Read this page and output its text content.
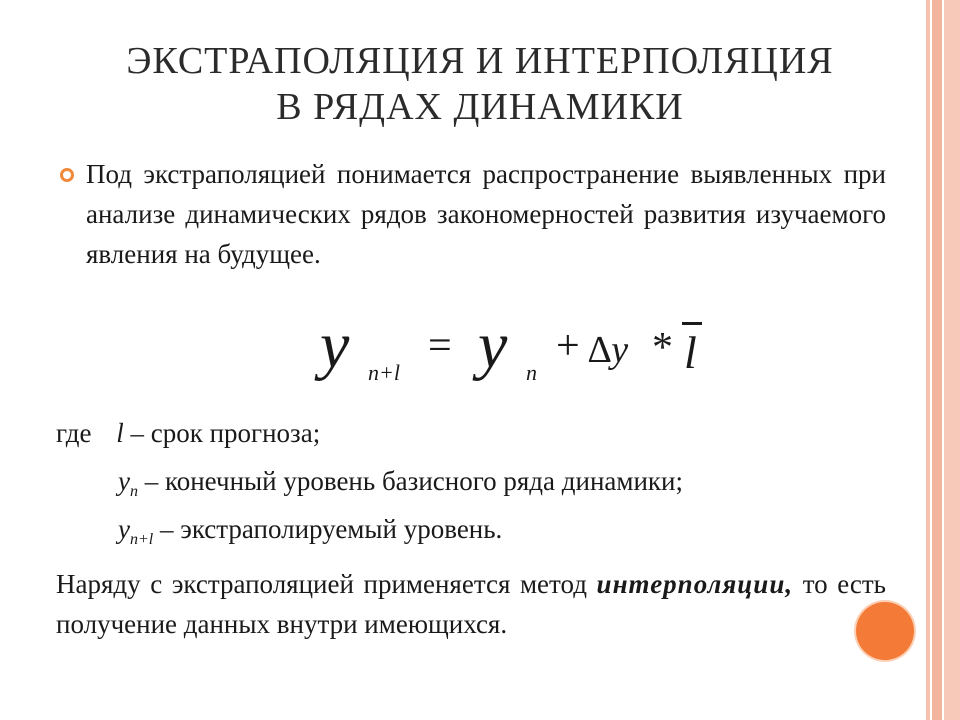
ЭКСТРАПОЛЯЦИЯ И ИНТЕРПОЛЯЦИЯ
В РЯДАХ ДИНАМИКИ
Под экстраполяцией понимается распространение выявленных при анализе динамических рядов закономерностей развития изучаемого явления на будущее.
y n+l
= y n
+ ∆y * l
где l – срок прогноза;
$y_n$ – конечный уровень базисного ряда динамики;
$y_{n+l}$ – экстраполируемый уровень.
Наряду с экстраполяцией применяется метод интерполяции, то есть получение данных внутри имеющихся.
